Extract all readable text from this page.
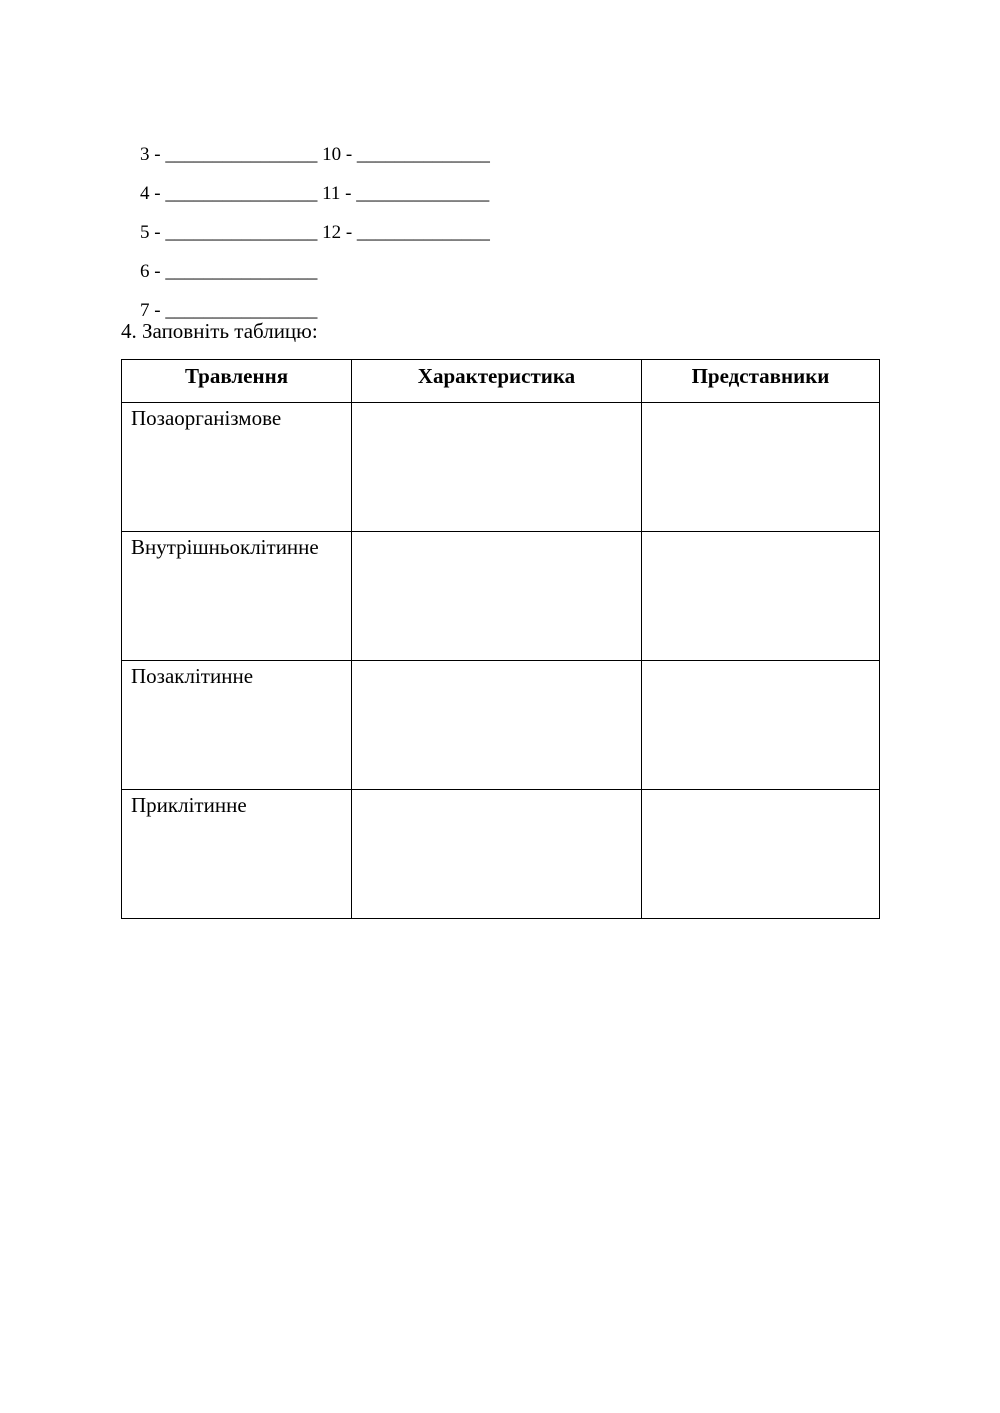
3 - ________________ 10 - ______________

4 - ________________ 11 - ______________

5 - ________________ 12 - ______________

6 - ________________

7 - ________________

4. Заповніть таблицю:
Травлення	Характеристика	Представники
Позаорганізмове		
Внутрішньоклітинне		
Позаклітинне		
Приклітинне		
